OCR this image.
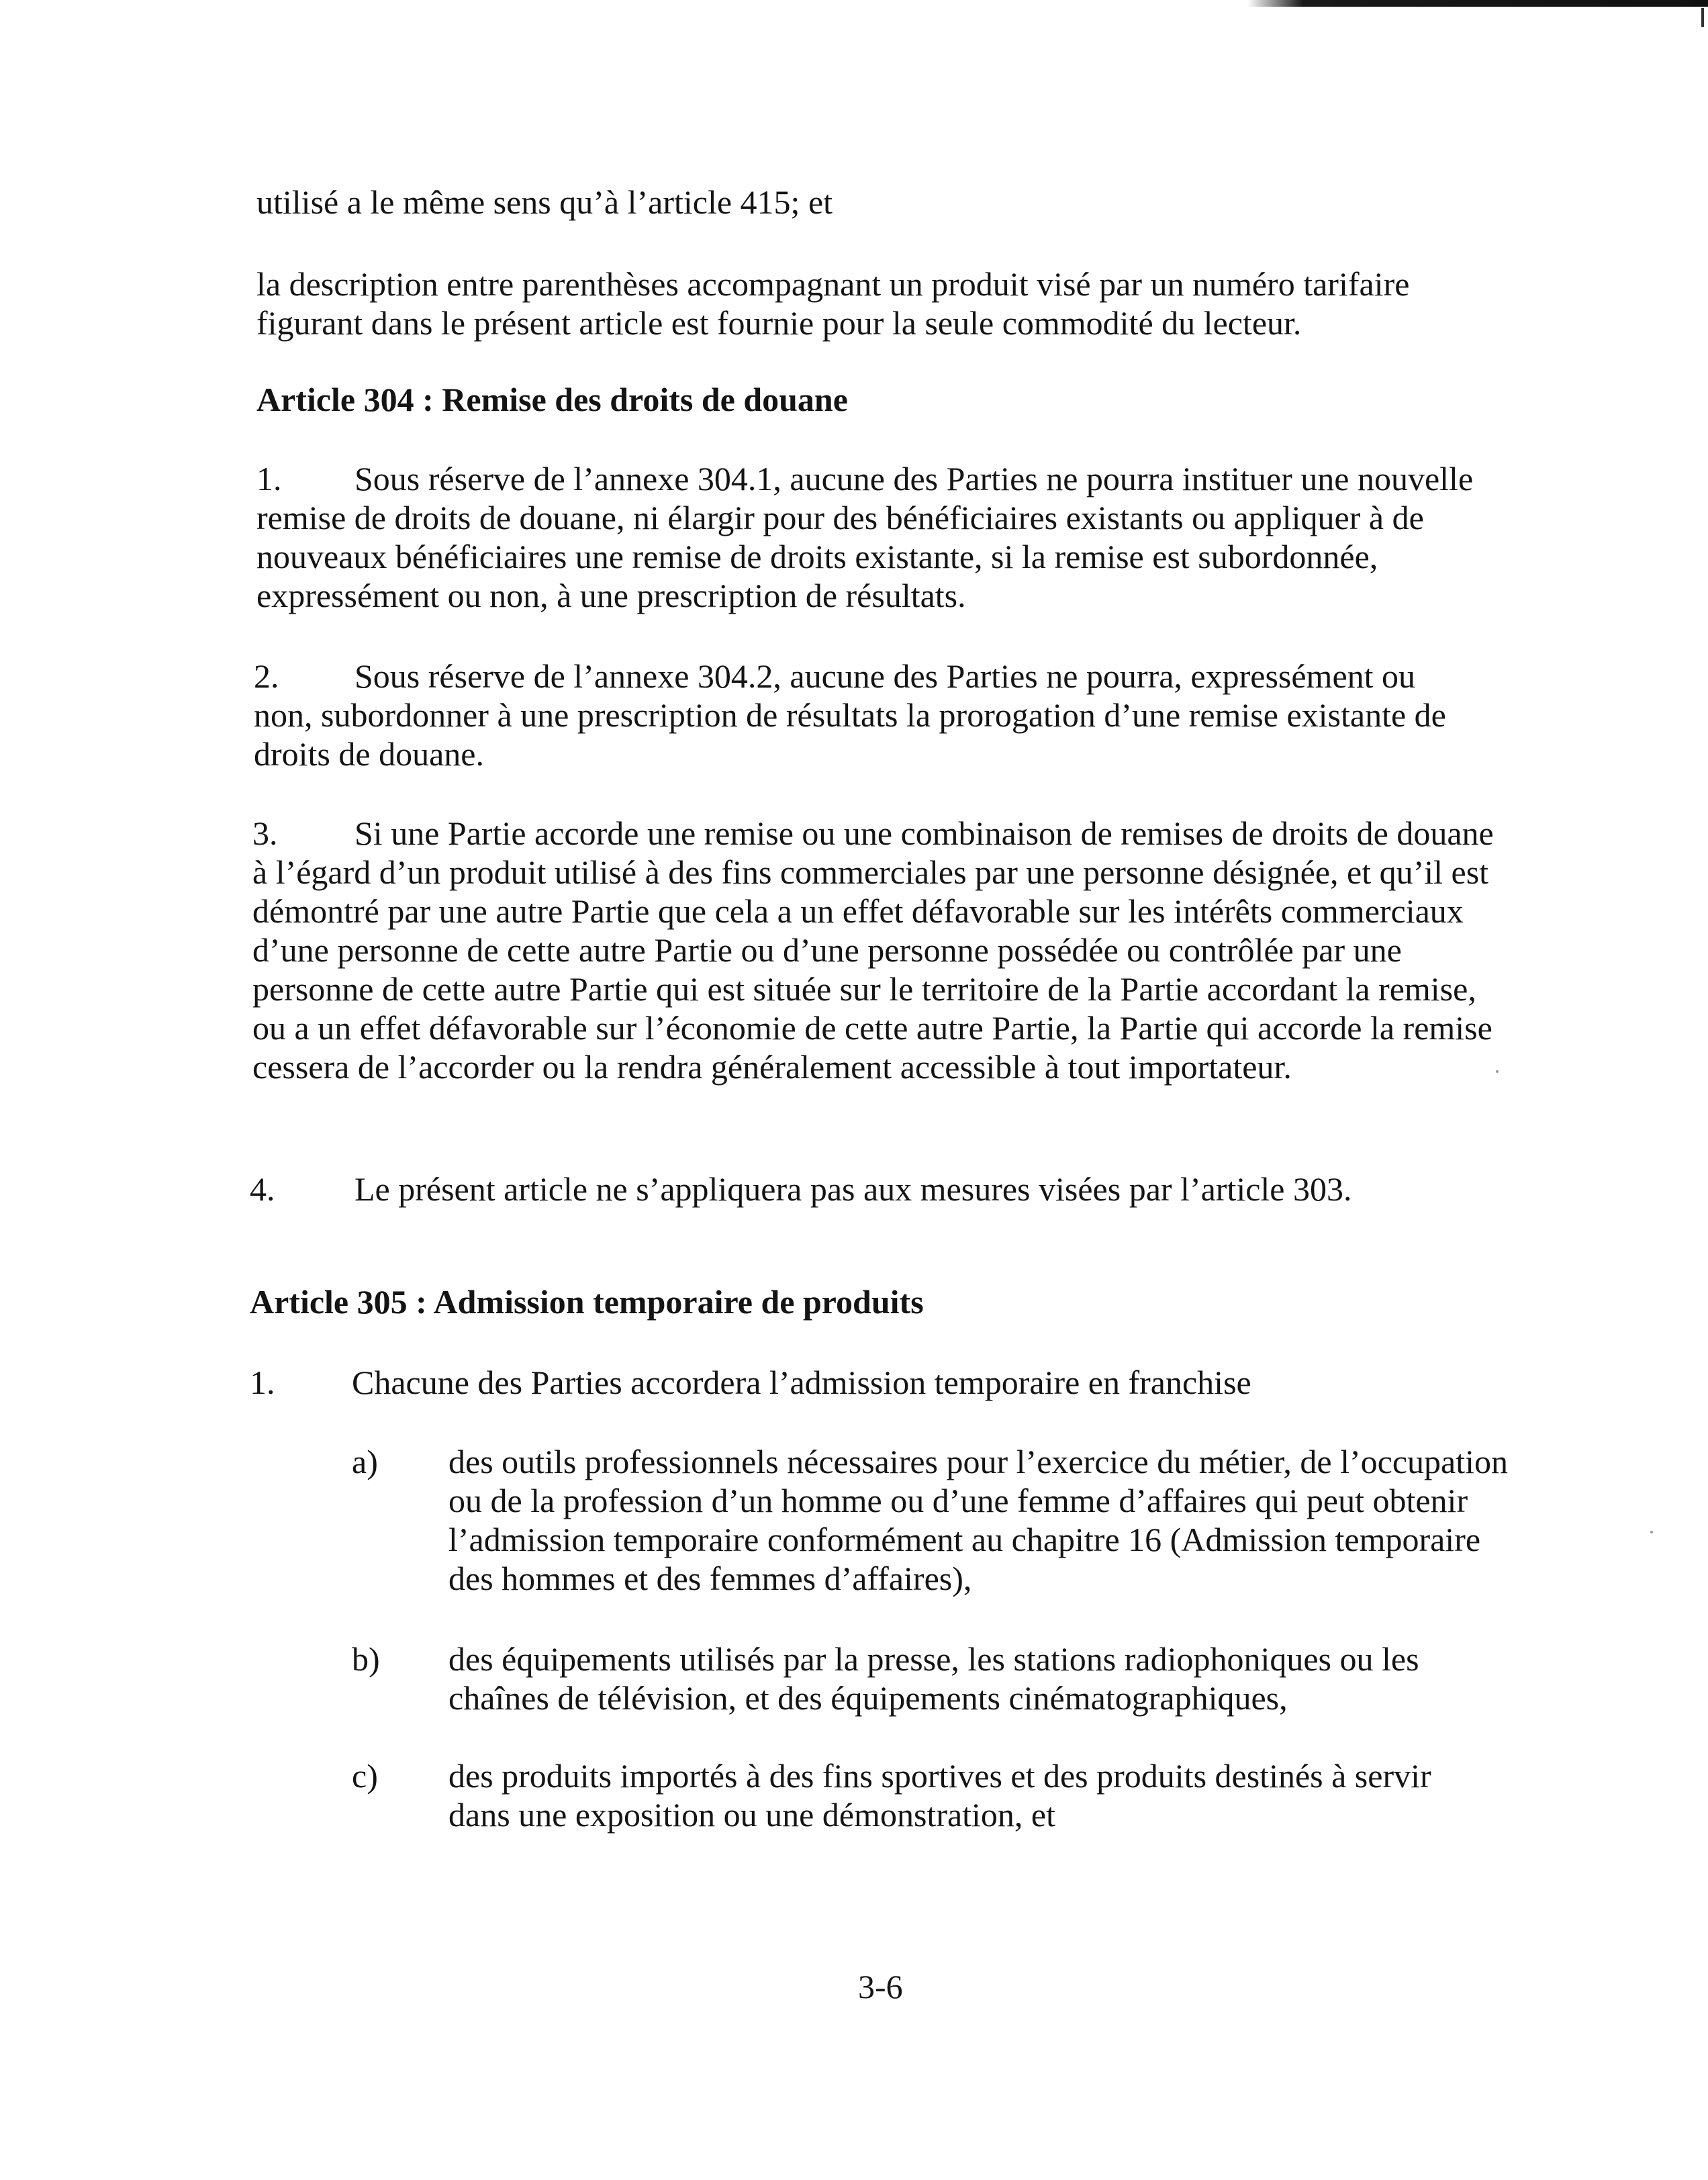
utilisé a le même sens qu’à l’article 415; et

la description entre parenthèses accompagnant un produit visé par un numéro tarifaire figurant dans le présent article est fournie pour la seule commodité du lecteur.

Article 304 : Remise des droits de douane

1.	Sous réserve de l’annexe 304.1, aucune des Parties ne pourra instituer une nouvelle remise de droits de douane, ni élargir pour des bénéficiaires existants ou appliquer à de nouveaux bénéficiaires une remise de droits existante, si la remise est subordonnée, expressément ou non, à une prescription de résultats.

2.	Sous réserve de l’annexe 304.2, aucune des Parties ne pourra, expressément ou non, subordonner à une prescription de résultats la prorogation d’une remise existante de droits de douane.

3.	Si une Partie accorde une remise ou une combinaison de remises de droits de douane à l’égard d’un produit utilisé à des fins commerciales par une personne désignée, et qu’il est démontré par une autre Partie que cela a un effet défavorable sur les intérêts commerciaux d’une personne de cette autre Partie ou d’une personne possédée ou contrôlée par une personne de cette autre Partie qui est située sur le territoire de la Partie accordant la remise, ou a un effet défavorable sur l’économie de cette autre Partie, la Partie qui accorde la remise cessera de l’accorder ou la rendra généralement accessible à tout importateur.

4.	Le présent article ne s’appliquera pas aux mesures visées par l’article 303.

Article 305 : Admission temporaire de produits

1. Chacune des Parties accordera l’admission temporaire en franchise

a) des outils professionnels nécessaires pour l’exercice du métier, de l’occupation ou de la profession d’un homme ou d’une femme d’affaires qui peut obtenir l’admission temporaire conformément au chapitre 16 (Admission temporaire des hommes et des femmes d’affaires),

b) des équipements utilisés par la presse, les stations radiophoniques ou les chaînes de télévision, et des équipements cinématographiques,

c) des produits importés à des fins sportives et des produits destinés à servir dans une exposition ou une démonstration, et

3-6
